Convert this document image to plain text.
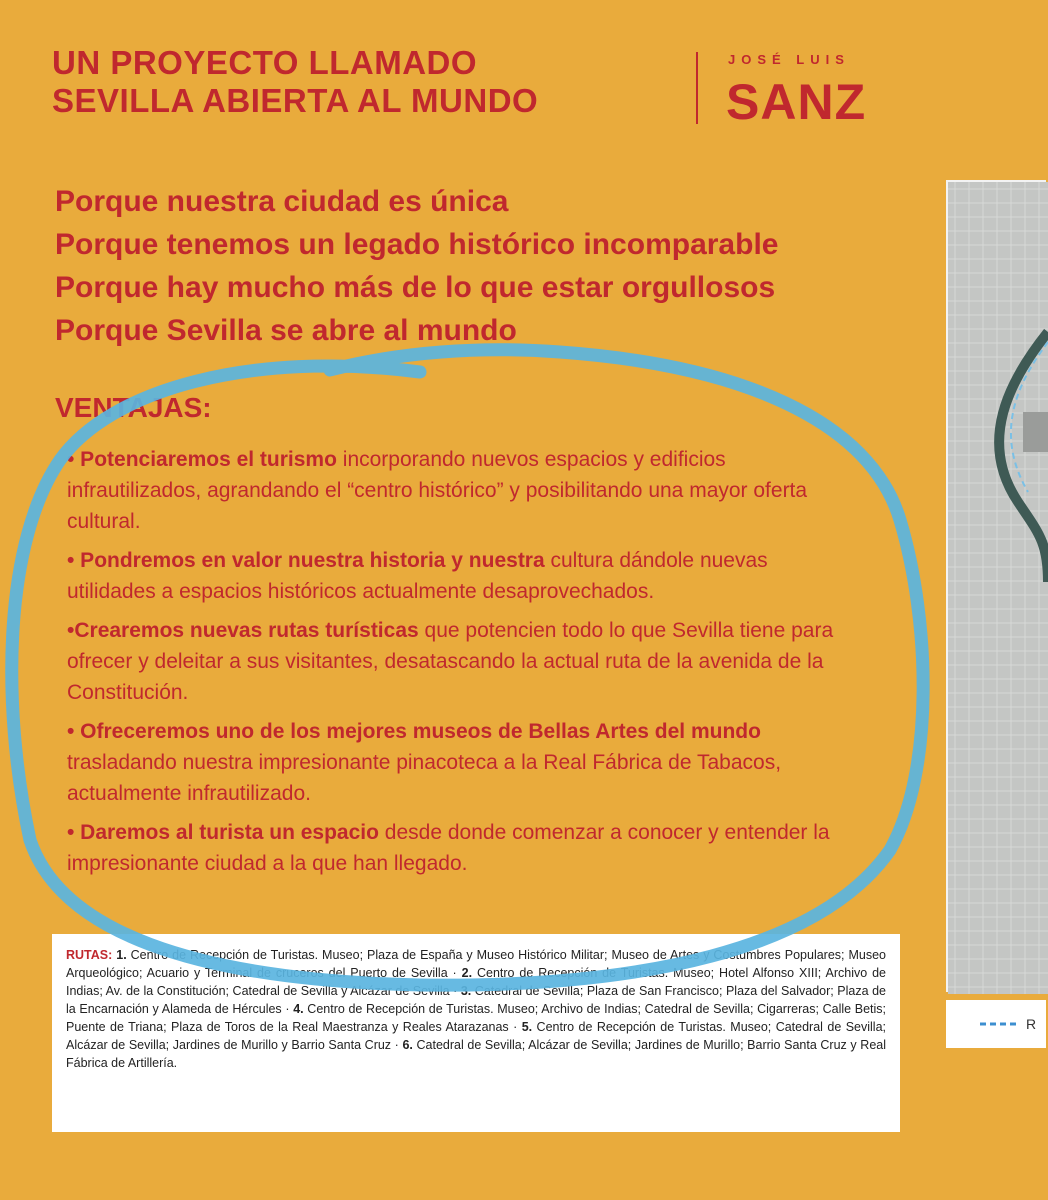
UN PROYECTO LLAMADO
SEVILLA ABIERTA AL MUNDO
JOSÉ LUIS
SANZ
Porque nuestra ciudad es única
Porque tenemos un legado histórico incomparable
Porque hay mucho más de lo que estar orgullosos
Porque Sevilla se abre al mundo
VENTAJAS:
• Potenciaremos el turismo incorporando nuevos espacios y edificios infrautilizados, agrandando el “centro histórico” y posibilitando una mayor oferta cultural.
• Pondremos en valor nuestra historia y nuestra cultura dándole nuevas utilidades a espacios históricos actualmente desaprovechados.
•Crearemos nuevas rutas turísticas que potencien todo lo que Sevilla tiene para ofrecer y deleitar a sus visitantes, desatascando la actual ruta de la avenida de la Constitución.
• Ofreceremos uno de los mejores museos de Bellas Artes del mundo trasladando nuestra impresionante pinacoteca a la Real Fábrica de Tabacos, actualmente infrautilizado.
• Daremos al turista un espacio desde donde comenzar a conocer y entender la impresionante ciudad a la que han llegado.
RUTAS: 1. Centro de Recepción de Turistas. Museo; Plaza de España y Museo Histórico Militar; Museo de Artes y Costumbres Populares; Museo Arqueológico; Acuario y Terminal de cruceros del Puerto de Sevilla · 2. Centro de Recepción de Turistas. Museo; Hotel Alfonso XIII; Archivo de Indias; Av. de la Constitución; Catedral de Sevilla y Alcázar de Sevilla · 3. Catedral de Sevilla; Plaza de San Francisco; Plaza del Salvador; Plaza de la Encarnación y Alameda de Hércules · 4. Centro de Recepción de Turistas. Museo; Archivo de Indias; Catedral de Sevilla; Cigarreras; Calle Betis; Puente de Triana; Plaza de Toros de la Real Maestranza y Reales Atarazanas · 5. Centro de Recepción de Turistas. Museo; Catedral de Sevilla; Alcázar de Sevilla; Jardines de Murillo y Barrio Santa Cruz · 6. Catedral de Sevilla; Alcázar de Sevilla; Jardines de Murillo; Barrio Santa Cruz y Real Fábrica de Artillería.
R
